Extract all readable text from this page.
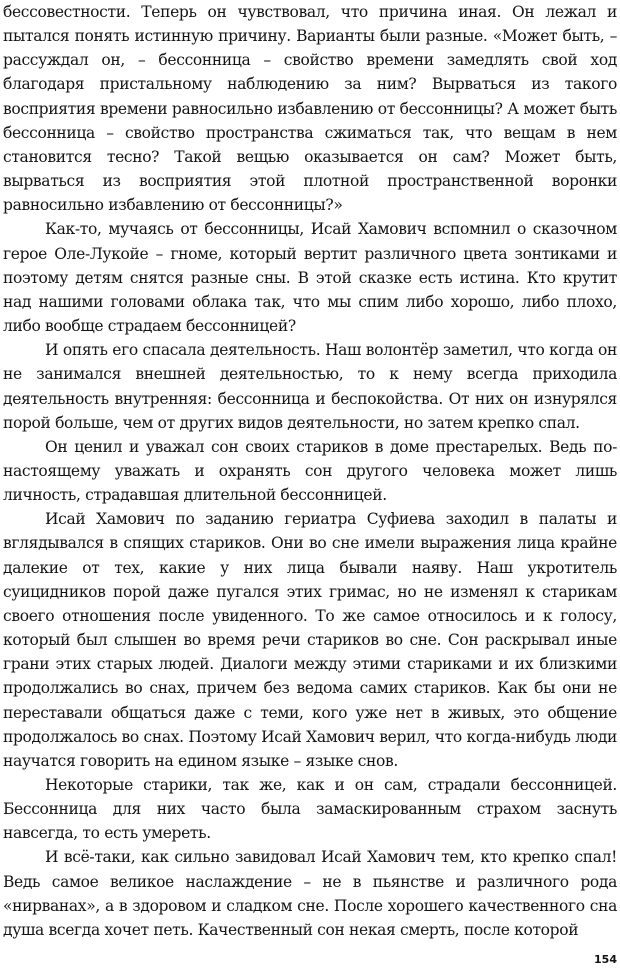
бессовестности. Теперь он чувствовал, что причина иная. Он лежал и пытался понять истинную причину. Варианты были разные. «Может быть, – рассуждал он, – бессонница – свойство времени замедлять свой ход благодаря пристальному наблюдению за ним? Вырваться из такого восприятия времени равносильно избавлению от бессонницы? А может быть бессонница – свойство пространства сжиматься так, что вещам в нем становится тесно? Такой вещью оказывается он сам? Может быть, вырваться из восприятия этой плотной пространственной воронки равносильно избавлению от бессонницы?»

Как-то, мучаясь от бессонницы, Исай Хамович вспомнил о сказочном герое Оле-Лукойе – гноме, который вертит различного цвета зонтиками и поэтому детям снятся разные сны. В этой сказке есть истина. Кто крутит над нашими головами облака так, что мы спим либо хорошо, либо плохо, либо вообще страдаем бессонницей?

И опять его спасала деятельность. Наш волонтёр заметил, что когда он не занимался внешней деятельностью, то к нему всегда приходила деятельность внутренняя: бессонница и беспокойства. От них он изнурялся порой больше, чем от других видов деятельности, но затем крепко спал.

Он ценил и уважал сон своих стариков в доме престарелых. Ведь по-настоящему уважать и охранять сон другого человека может лишь личность, страдавшая длительной бессонницей.

Исай Хамович по заданию гериатра Суфиева заходил в палаты и вглядывался в спящих стариков. Они во сне имели выражения лица крайне далекие от тех, какие у них лица бывали наяву. Наш укротитель суицидников порой даже пугался этих гримас, но не изменял к старикам своего отношения после увиденного. То же самое относилось и к голосу, который был слышен во время речи стариков во сне. Сон раскрывал иные грани этих старых людей. Диалоги между этими стариками и их близкими продолжались во снах, причем без ведома самих стариков. Как бы они не переставали общаться даже с теми, кого уже нет в живых, это общение продолжалось во снах. Поэтому Исай Хамович верил, что когда-нибудь люди научатся говорить на едином языке – языке снов.

Некоторые старики, так же, как и он сам, страдали бессонницей. Бессонница для них часто была замаскированным страхом заснуть навсегда, то есть умереть.

И всё-таки, как сильно завидовал Исай Хамович тем, кто крепко спал! Ведь самое великое наслаждение – не в пьянстве и различного рода «нирванах», а в здоровом и сладком сне. После хорошего качественного сна душа всегда хочет петь. Качественный сон некая смерть, после которой

154
